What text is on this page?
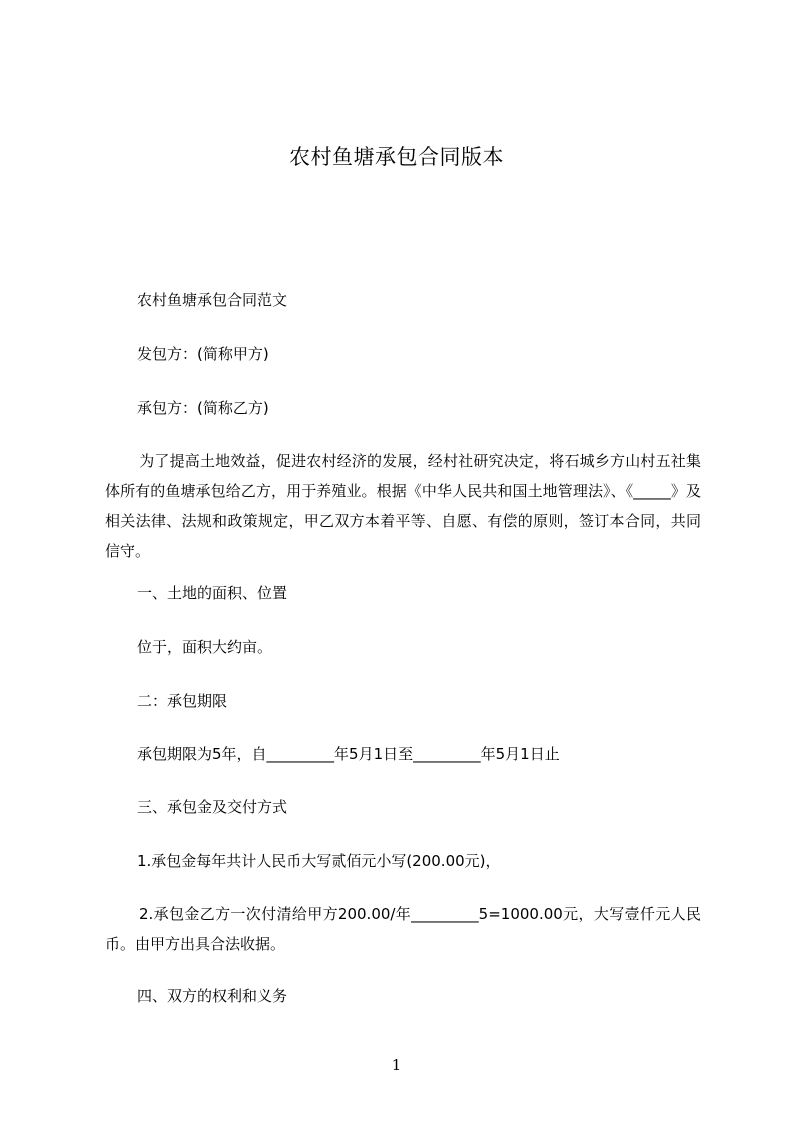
农村鱼塘承包合同版本

农村鱼塘承包合同范文

发包方：(简称甲方)

承包方：(简称乙方)

为了提高土地效益，促进农村经济的发展，经村社研究决定，将石城乡方山村五社集体所有的鱼塘承包给乙方，用于养殖业。根据《中华人民共和国土地管理法》、《_____》及相关法律、法规和政策规定，甲乙双方本着平等、自愿、有偿的原则，签订本合同，共同信守。

一、土地的面积、位置

位于，面积大约亩。

二：承包期限

承包期限为5年，自_________年5月1日至_________年5月1日止

三、承包金及交付方式

1.承包金每年共计人民币大写贰佰元小写(200.00元)，

2.承包金乙方一次付清给甲方200.00/年_________5=1000.00元，大写壹仟元人民币。由甲方出具合法收据。

四、双方的权利和义务

1
